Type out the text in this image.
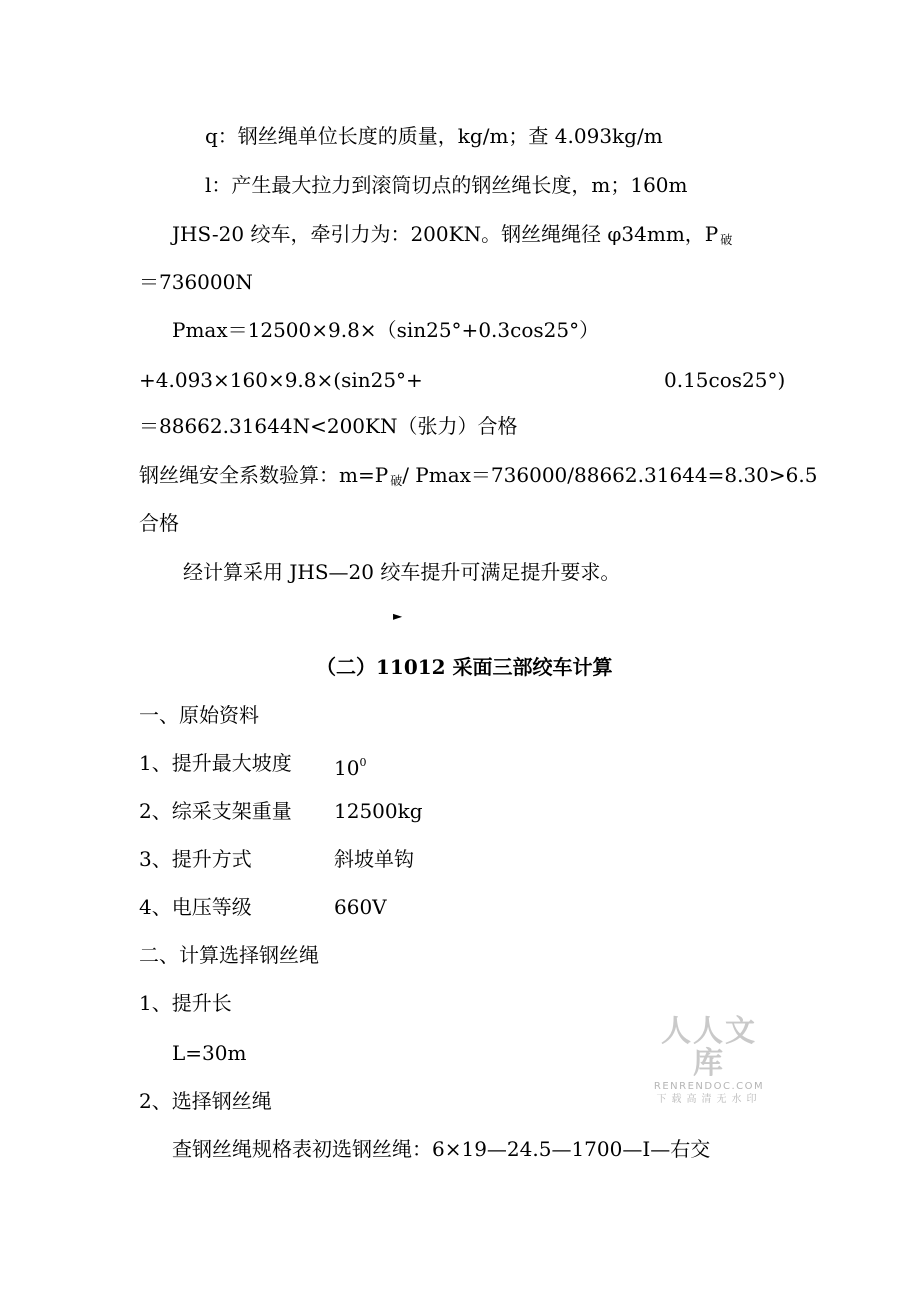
q：钢丝绳单位长度的质量，kg/m；查 4.093kg/m
l：产生最大拉力到滚筒切点的钢丝绳长度，m；160m
JHS-20 绞车，牵引力为：200KN。钢丝绳绳径 φ34mm，P $_破$
＝736000N
Pmax＝12500×9.8×（sin25°+0.3cos25°）
+4.093×160×9.8×(sin25°+	0.15cos25°)
＝88662.31644N<200KN（张力）合格
钢丝绳安全系数验算：m=P $_破$/ Pmax＝736000/88662.31644=8.30>6.5
合格
经计算采用 JHS—20 绞车提升可满足提升要求。
►
（二）11012 采面三部绞车计算
一、原始资料
1、提升最大坡度 $10^0$
2、综采支架重量 12500kg
3、提升方式	斜坡单钩
4、电压等级	660V
二、计算选择钢丝绳
1、提升长
L=30m
2、选择钢丝绳
查钢丝绳规格表初选钢丝绳：6×19—24.5—1700—Ⅰ—右交
人人文库
RENRENDOC.COM
下载高清无水印
